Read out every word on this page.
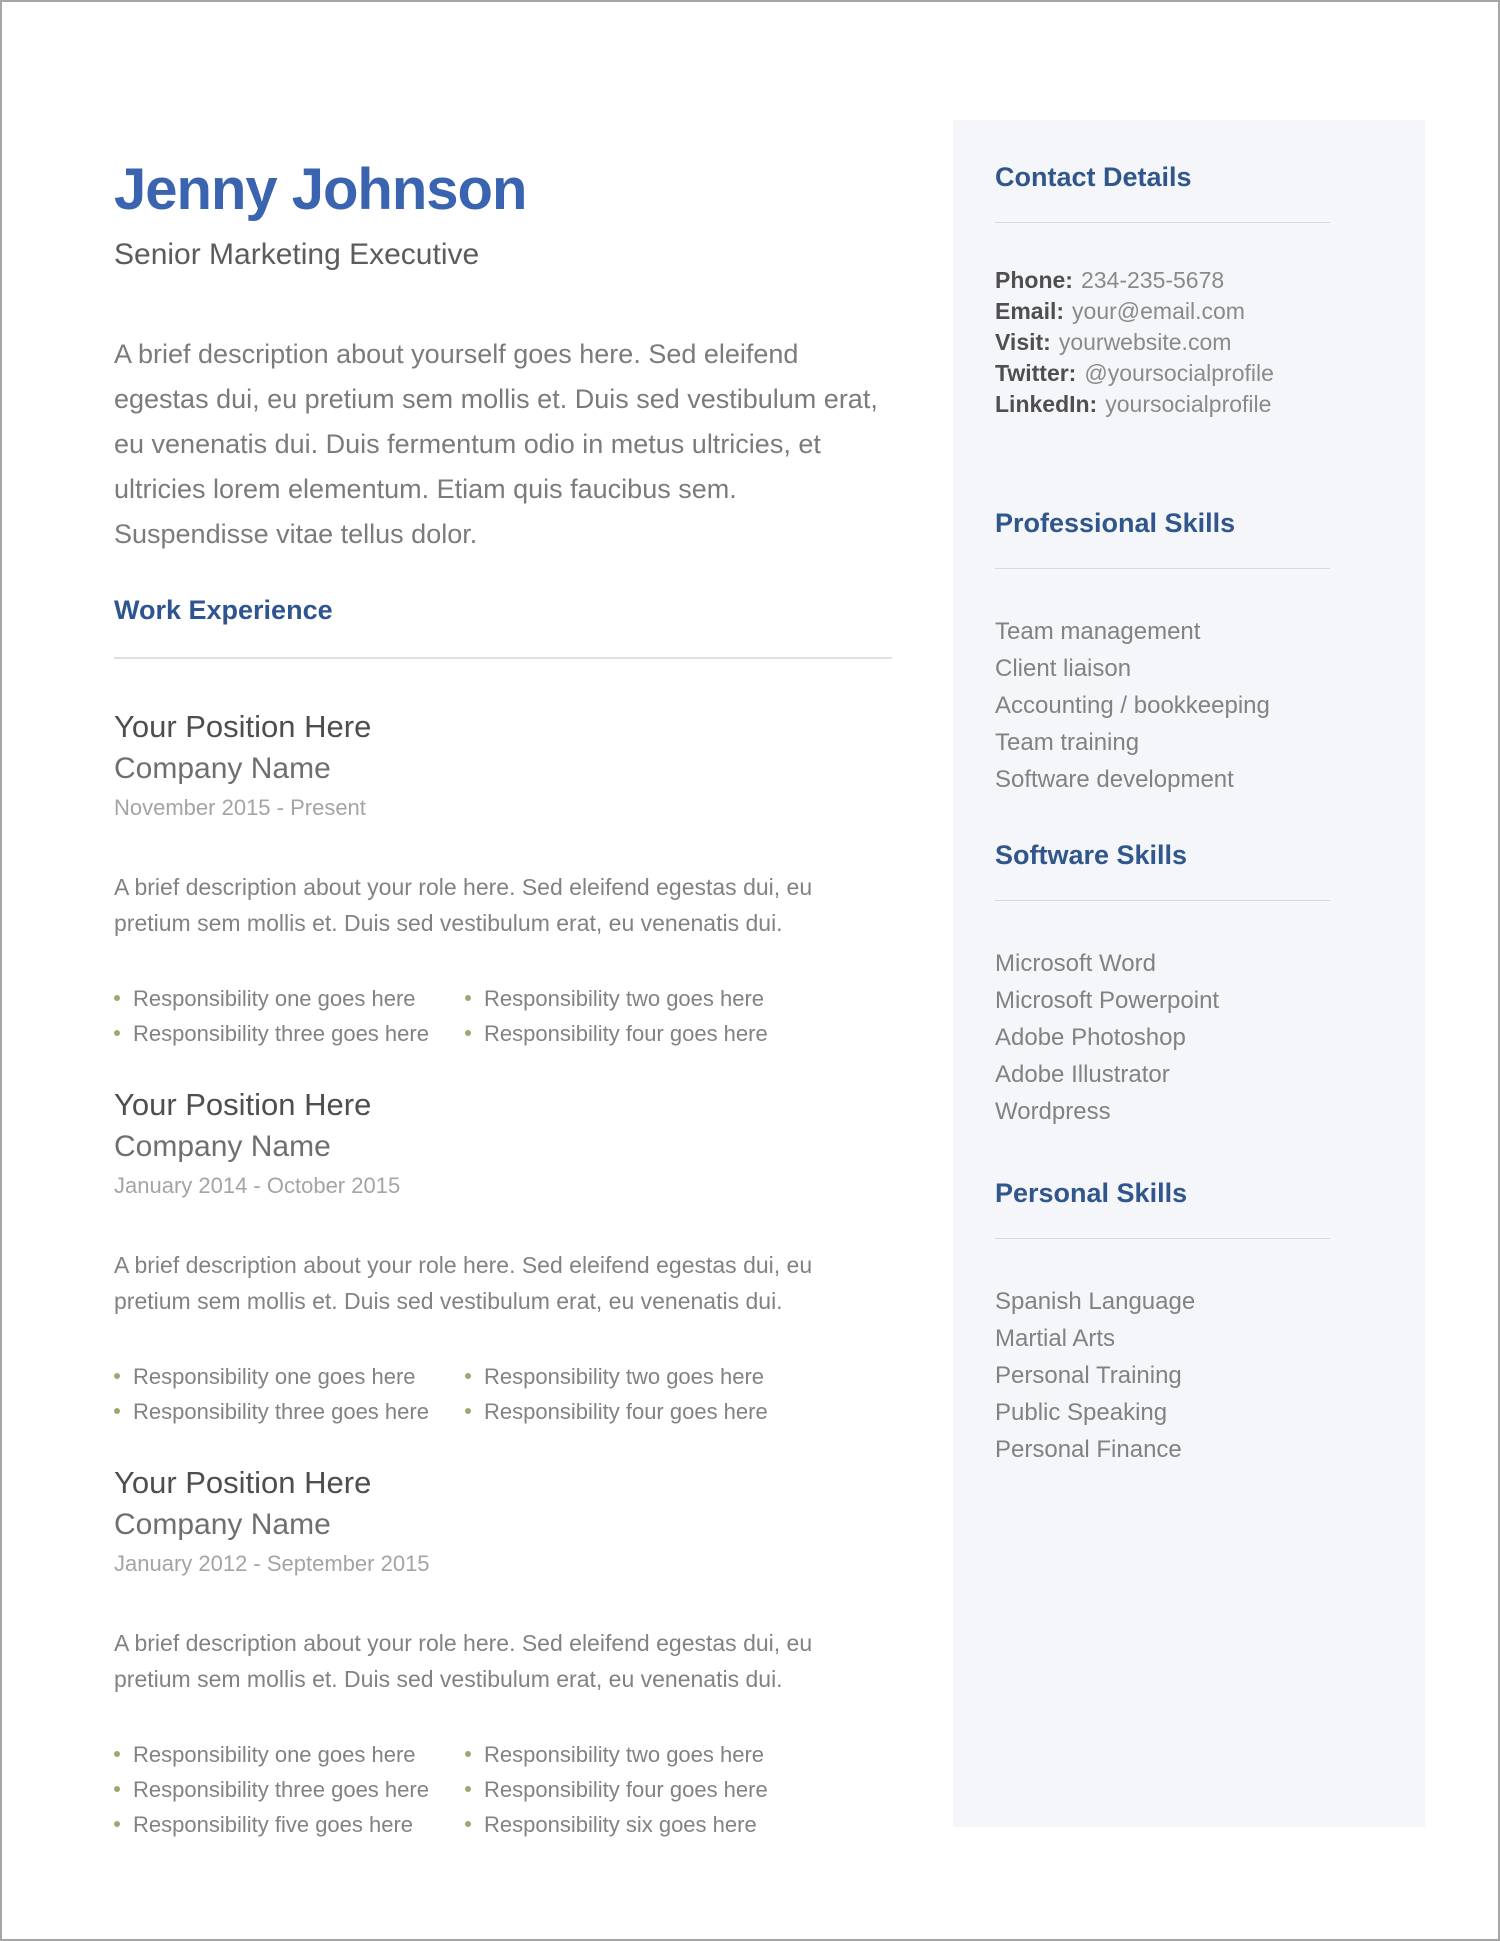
Jenny Johnson
Senior Marketing Executive

A brief description about yourself goes here. Sed eleifend egestas dui, eu pretium sem mollis et. Duis sed vestibulum erat, eu venenatis dui. Duis fermentum odio in metus ultricies, et ultricies lorem elementum. Etiam quis faucibus sem. Suspendisse vitae tellus dolor.

Work Experience
Your Position Here
Company Name
November 2015 - Present

A brief description about your role here. Sed eleifend egestas dui, eu pretium sem mollis et. Duis sed vestibulum erat, eu venenatis dui.

Responsibility one goes here	Responsibility two goes here
Responsibility three goes here	Responsibility four goes here
Your Position Here
Company Name
January 2014 - October 2015

A brief description about your role here. Sed eleifend egestas dui, eu pretium sem mollis et. Duis sed vestibulum erat, eu venenatis dui.

Responsibility one goes here	Responsibility two goes here
Responsibility three goes here	Responsibility four goes here
Your Position Here
Company Name
January 2012 - September 2015

A brief description about your role here. Sed eleifend egestas dui, eu pretium sem mollis et. Duis sed vestibulum erat, eu venenatis dui.

Responsibility one goes here	Responsibility two goes here
Responsibility three goes here	Responsibility four goes here
Responsibility five goes here	Responsibility six goes here
Contact Details
Phone: 234-235-5678
Email: your@email.com
Visit: yourwebsite.com
Twitter: @yoursocialprofile
LinkedIn: yoursocialprofile
Professional Skills
Team management
Client liaison
Accounting / bookkeeping
Team training
Software development
Software Skills
Microsoft Word
Microsoft Powerpoint
Adobe Photoshop
Adobe Illustrator
Wordpress
Personal Skills
Spanish Language
Martial Arts
Personal Training
Public Speaking
Personal Finance
